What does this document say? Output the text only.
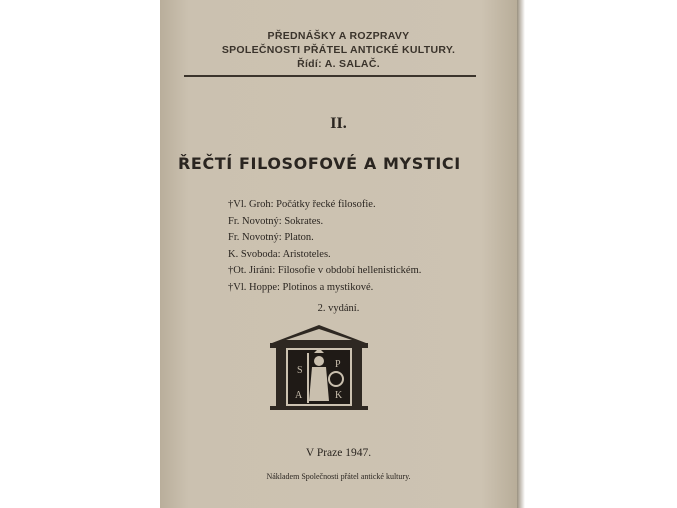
PŘEDNÁŠKY A ROZPRAVY
SPOLEČNOSTI PŘÁTEL ANTICKÉ KULTURY.
Řídí: A. SALAČ.
II.
ŘEČTÍ FILOSOFOVÉ A MYSTICI
†Vl. Groh: Počátky řecké filosofie.
Fr. Novotný: Sokrates.
Fr. Novotný: Platon.
K. Svoboda: Aristoteles.
†Ot. Jiráni: Filosofie v období hellenistickém.
†Vl. Hoppe: Plotinos a mystikové.
2. vydání.
S
P
A	K
V Praze 1947.
Nákladem Společnosti přátel antické kultury.
